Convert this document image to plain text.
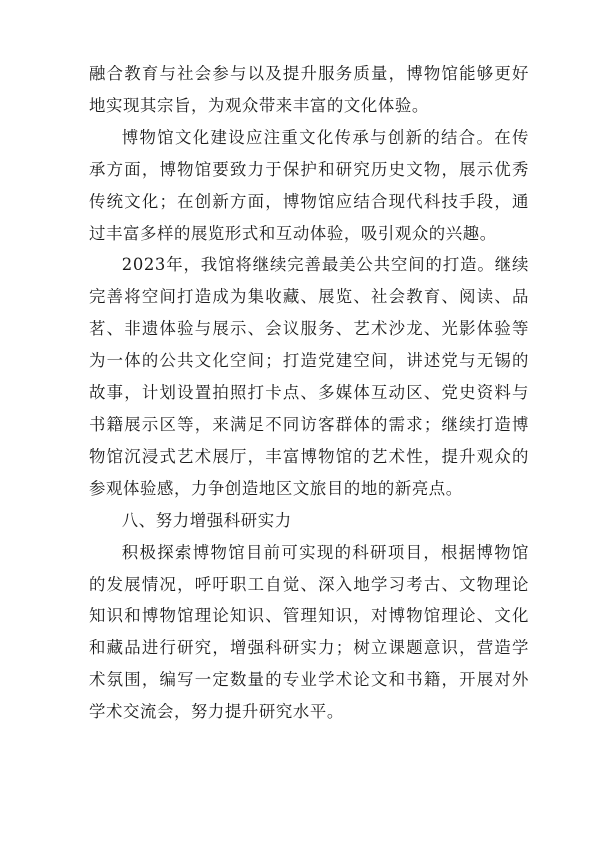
融合教育与社会参与以及提升服务质量，博物馆能够更好地实现其宗旨，为观众带来丰富的文化体验。

博物馆文化建设应注重文化传承与创新的结合。在传承方面，博物馆要致力于保护和研究历史文物，展示优秀传统文化；在创新方面，博物馆应结合现代科技手段，通过丰富多样的展览形式和互动体验，吸引观众的兴趣。

2023年，我馆将继续完善最美公共空间的打造。继续完善将空间打造成为集收藏、展览、社会教育、阅读、品茗、非遗体验与展示、会议服务、艺术沙龙、光影体验等为一体的公共文化空间；打造党建空间，讲述党与无锡的故事，计划设置拍照打卡点、多媒体互动区、党史资料与书籍展示区等，来满足不同访客群体的需求；继续打造博物馆沉浸式艺术展厅，丰富博物馆的艺术性，提升观众的参观体验感，力争创造地区文旅目的地的新亮点。

八、努力增强科研实力

积极探索博物馆目前可实现的科研项目，根据博物馆的发展情况，呼吁职工自觉、深入地学习考古、文物理论知识和博物馆理论知识、管理知识，对博物馆理论、文化和藏品进行研究，增强科研实力；树立课题意识，营造学术氛围，编写一定数量的专业学术论文和书籍，开展对外学术交流会，努力提升研究水平。
